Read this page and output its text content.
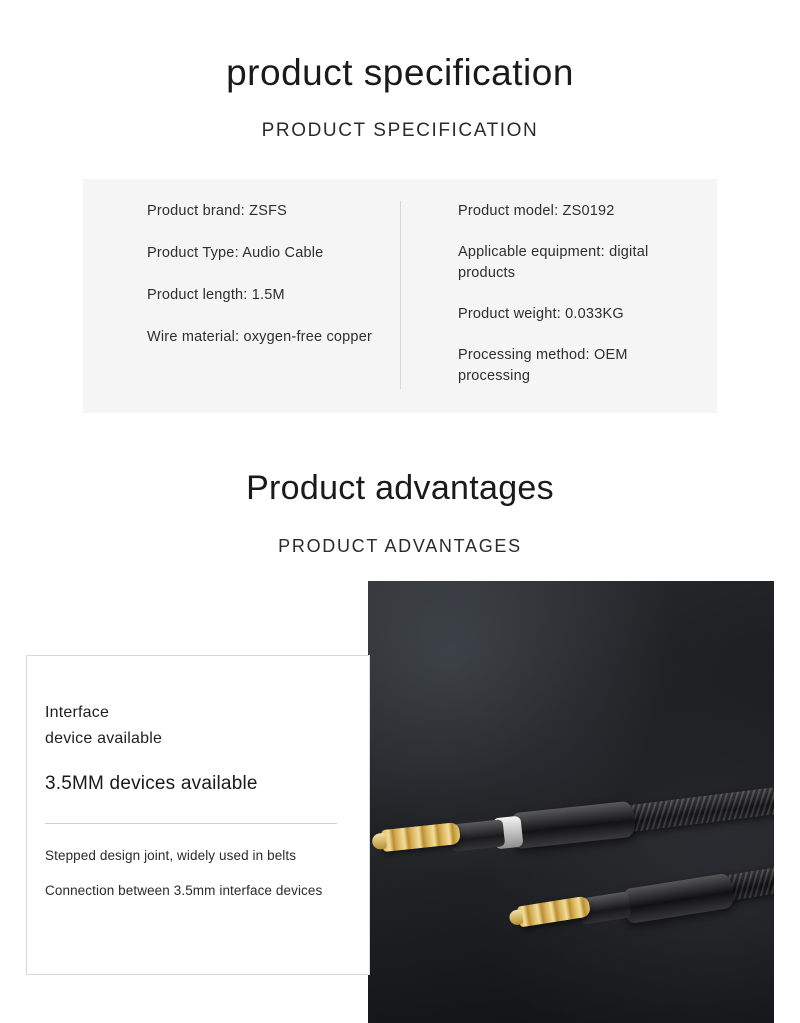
product specification
PRODUCT SPECIFICATION
Product brand: ZSFS
Product Type: Audio Cable
Product length: 1.5M
Wire material: oxygen-free copper
Product model: ZS0192
Applicable equipment: digital products
Product weight: 0.033KG
Processing method: OEM processing
Product advantages
PRODUCT ADVANTAGES
Interface
device available
3.5MM devices available
Stepped design joint, widely used in belts
Connection between 3.5mm interface devices
